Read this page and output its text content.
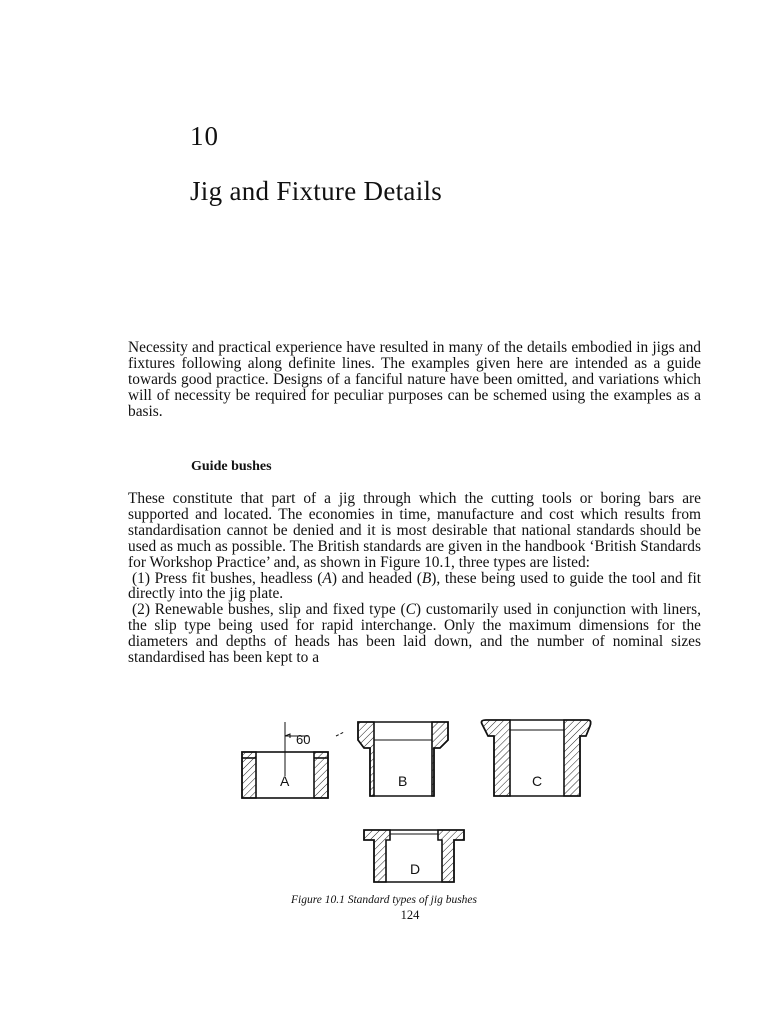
10
Jig and Fixture Details

Necessity and practical experience have resulted in many of the details embodied in jigs and fixtures following along definite lines. The examples given here are intended as a guide towards good practice. Designs of a fanciful nature have been omitted, and variations which will of necessity be required for peculiar purposes can be schemed using the examples as a basis.

Guide bushes
These constitute that part of a jig through which the cutting tools or boring bars are supported and located. The economies in time, manufacture and cost which results from standardisation cannot be denied and it is most desirable that national standards should be used as much as possible. The British standards are given in the handbook ‘British Standards for Workshop Practice’ and, as shown in Figure 10.1, three types are listed:
(1) Press fit bushes, headless (A) and headed (B), these being used to guide the tool and fit directly into the jig plate.
(2) Renewable bushes, slip and fixed type (C) customarily used in conjunction with liners, the slip type being used for rapid interchange. Only the maximum dimensions for the diameters and depths of heads has been laid down, and the number of nominal sizes standardised has been kept to a
60
A	B	C
D
Figure 10.1 Standard types of jig bushes
124
